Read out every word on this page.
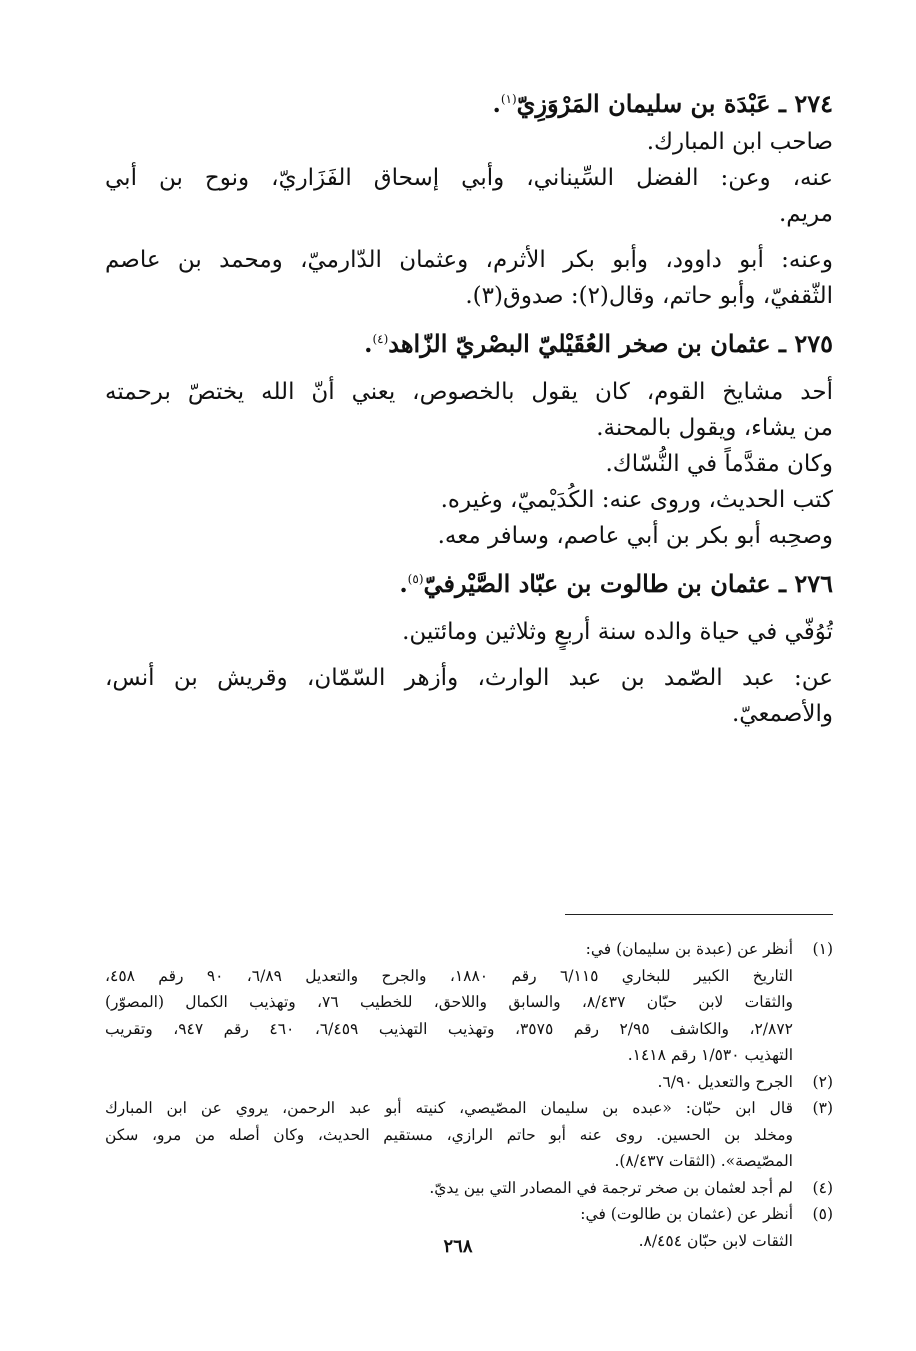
٢٧٤ ـ عَبْدَة بن سليمان المَرْوَزِيّ$^{(١)}$.
صاحب ابن المبارك.
عنه، وعن: الفضل السِّيناني، وأبي إسحاق الفَزَاريّ، ونوح بن أبي
مريم.
وعنه: أبو داوود، وأبو بكر الأثرم، وعثمان الدّارميّ، ومحمد بن عاصم
الثّقفيّ، وأبو حاتم، وقال(٢): صدوق(٣).
٢٧٥ ـ عثمان بن صخر العُقَيْليّ البصْريّ الزّاهد$^{(٤)}$.
أحد مشايخ القوم، كان يقول بالخصوص، يعني أنّ الله يختصّ برحمته
من يشاء، ويقول بالمحنة.
وكان مقدَّماً في النُّسّاك.
كتب الحديث، وروى عنه: الكُدَيْميّ، وغيره.
وصحِبه أبو بكر بن أبي عاصم، وسافر معه.
٢٧٦ ـ عثمان بن طالوت بن عبّاد الصَّيْرفيّ$^{(٥)}$.
تُوُفّي في حياة والده سنة أربعٍ وثلاثين ومائتين.
عن: عبد الصّمد بن عبد الوارث، وأزهر السّمّان، وقريش بن أنس،
والأصمعيّ.
(١)
أنظر عن (عبدة بن سليمان) في:
التاريخ الكبير للبخاري ٦/١١٥ رقم ١٨٨٠، والجرح والتعديل ٦/٨٩، ٩٠ رقم ٤٥٨،
والثقات لابن حبّان ٨/٤٣٧، والسابق واللاحق، للخطيب ٧٦، وتهذيب الكمال (المصوّر)
٢/٨٧٢، والكاشف ٢/٩٥ رقم ٣٥٧٥، وتهذيب التهذيب ٦/٤٥٩، ٤٦٠ رقم ٩٤٧، وتقريب
التهذيب ١/٥٣٠ رقم ١٤١٨.
(٢)
الجرح والتعديل ٦/٩٠.
(٣)
قال ابن حبّان: «عبده بن سليمان المصّيصي، كنيته أبو عبد الرحمن، يروي عن ابن المبارك
ومخلد بن الحسين. روى عنه أبو حاتم الرازي، مستقيم الحديث، وكان أصله من مرو، سكن
المصّيصة». (الثقات ٨/٤٣٧).
(٤)
لم أجد لعثمان بن صخر ترجمة في المصادر التي بين يديّ.
(٥)
أنظر عن (عثمان بن طالوت) في:
الثقات لابن حبّان ٨/٤٥٤.
٢٦٨
